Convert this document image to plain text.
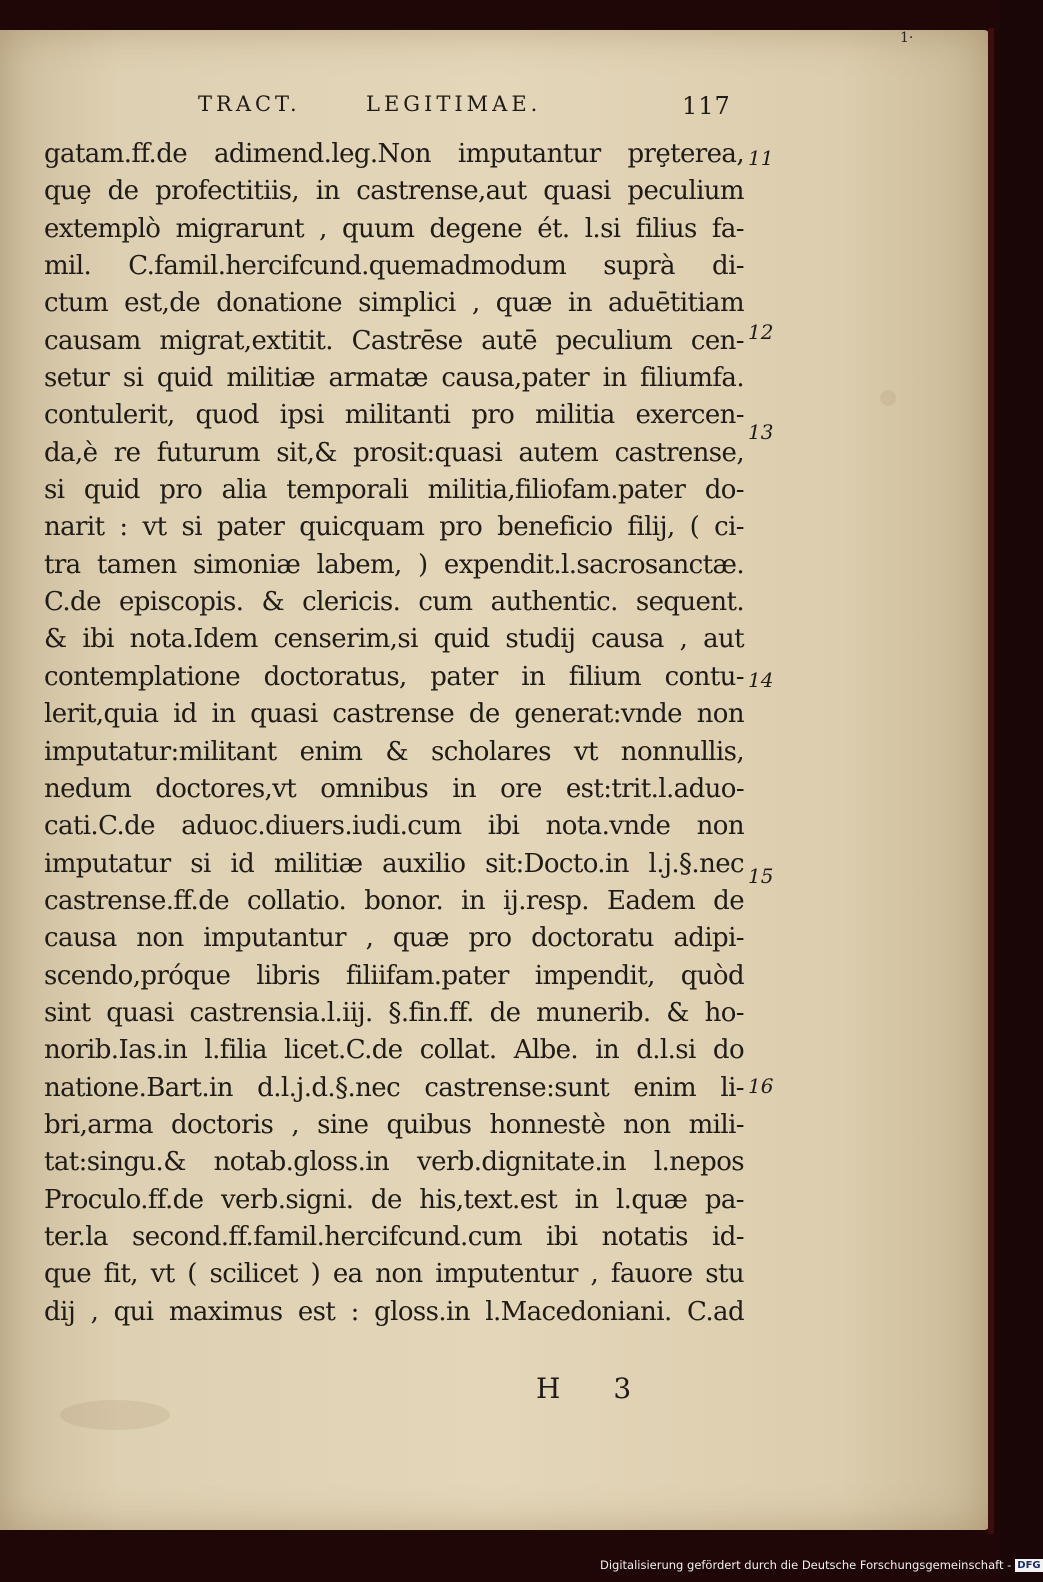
1·
TRACT.	LEGITIMAE.	117
gatam.ff.de adimend.leg.Non imputantur prȩterea,
quȩ de profectitiis, in castrense,aut quasi peculium
extemplò migrarunt , quum degene ét. l.si filius fa-
mil. C.famil.hercifcund.quemadmodum suprà di-
ctum est,de donatione simplici , quæ in aduētitiam
causam migrat,extitit. Castrēse autē peculium cen-
setur si quid militiæ armatæ causa,pater in filiumfa.
contulerit, quod ipsi militanti pro militia exercen-
da,è re futurum sit,& prosit:quasi autem castrense,
si quid pro alia temporali militia,filiofam.pater do-
narit : vt si pater quicquam pro beneficio filij, ( ci-
tra tamen simoniæ labem, ) expendit.l.sacrosanctæ.
C.de episcopis. & clericis. cum authentic. sequent.
& ibi nota.Idem censerim,si quid studij causa , aut
contemplatione doctoratus, pater in filium contu-
lerit,quia id in quasi castrense de generat:vnde non
imputatur:militant enim & scholares vt nonnullis,
nedum doctores,vt omnibus in ore est:trit.l.aduo-
cati.C.de aduoc.diuers.iudi.cum ibi nota.vnde non
imputatur si id militiæ auxilio sit:Docto.in l.j.§.nec
castrense.ff.de collatio. bonor. in ij.resp. Eadem de
causa non imputantur , quæ pro doctoratu adipi-
scendo,próque libris filiifam.pater impendit, quòd
sint quasi castrensia.l.iij. §.fin.ff. de munerib. & ho-
norib.Ias.in l.filia licet.C.de collat. Albe. in d.l.si do
natione.Bart.in d.l.j.d.§.nec castrense:sunt enim li-
bri,arma doctoris , sine quibus honnestè non mili-
tat:singu.& notab.gloss.in verb.dignitate.in l.nepos
Proculo.ff.de verb.signi. de his,text.est in l.quæ pa-
ter.la second.ff.famil.hercifcund.cum ibi notatis id-
que fit, vt ( scilicet ) ea non imputentur , fauore stu
dij , qui maximus est : gloss.in l.Macedoniani. C.ad
11
12
13
14
15
16
H 3
Digitalisierung gefördert durch die Deutsche Forschungsgemeinschaft - DFG
